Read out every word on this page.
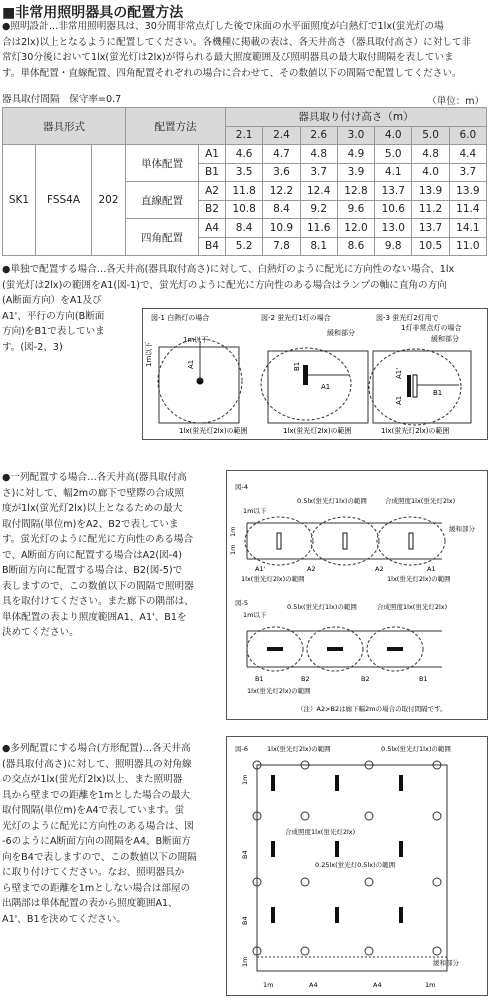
■非常用照明器具の配置方法
●照明設計…非常用照明器具は、30分間非常点灯した後で床面の水平面照度が白熱灯で1lx(蛍光灯の場
合は2lx)以上となるように配置してください。各機種に掲載の表は、各天井高さ（器具取付高さ）に対して非
常灯30分後において1lx(蛍光灯は2lx)が得られる最大照度範囲及び照明器具の最大取付間隔を表していま
す。単体配置・直線配置、四角配置それぞれの場合に合わせて、その数値以下の間隔で配置してください。
器具取付間隔　保守率=0.7	（単位：m）
器具形式			配置方法		器具取り付け高さ（m）						
					2.1	2.4	2.6	3.0	4.0	5.0	6.0
SK1	FSS4A	202	単体配置	A1	4.6	4.7	4.8	4.9	5.0	4.8	4.4
				B1	3.5	3.6	3.7	3.9	4.1	4.0	3.7
			直線配置	A2	11.8	12.2	12.4	12.8	13.7	13.9	13.9
				B2	10.8	8.4	9.2	9.6	10.6	11.2	11.4
			四角配置	A4	8.4	10.9	11.6	12.0	13.0	13.7	14.1
				B4	5.2	7.8	8.1	8.6	9.8	10.5	11.0
●単独で配置する場合…各天井高(器具取付高さ)に対して、白熱灯のように配光に方向性のない場合、1lx
(蛍光灯は2lx)の範囲をA1(図-1)で、蛍光灯のように配光に方向性のある場合はランプの軸に直角の方向
(A断面方向）をA1及び
A1'、平行の方向(B断面
方向)をB1で表していま
す。(図-2、3)
図-1 白熱灯の場合
1m以下
1m以下	A1
1lx(蛍光灯2lx)の範囲
図-2 蛍光灯1灯の場合
緩和部分
A1
B1
1lx(蛍光灯2lx)の範囲
図-3 蛍光灯2灯用で
1灯非常点灯の場合
緩和部分
B1
A1
A1'
1lx(蛍光灯2lx)の範囲
●一列配置する場合…各天井高(器具取付高
さ)に対して、幅2mの廊下で壁際の合成照
度が1lx(蛍光灯2lx)以上となるための最大
取付間隔(単位m)をA2、B2で表していま
す。蛍光灯のように配光に方向性のある場合
で、A断面方向に配置する場合はA2(図-4)
B断面方向に配置する場合は、B2(図-5)で
表しますので、この数値以下の間隔で照明器
具を取付けてください。また廊下の隅部は、
単体配置の表より照度範囲A1、A1'、B1を
決めてください。
図-4
0.5lx(蛍光灯1lx)の範囲	合成照度1lx(蛍光灯2lx)
1m以下
緩和部分
1m
1m
A1'	A2	A2	A1
1lx(蛍光灯2lx)の範囲	1lx(蛍光灯2lx)の範囲
図-5
1m以下
0.5lx(蛍光灯1lx)の範囲	合成照度1lx(蛍光灯2lx)
B1	B2	B2	B1
1lx(蛍光灯2lx)の範囲
（注）A2>B2は廊下幅2mの場合の取付間隔です。
●多列配置にする場合(方形配置)…各天井高
(器具取付高さ)に対して、照明器具の対角線
の交点が1lx(蛍光灯2lx)以上、また照明器
具から壁までの距離を1mとした場合の最大
取付間隔(単位m)をA4で表しています。蛍
光灯のように配光に方向性のある場合は、図
-6のようにA断面方向の間隔をA4、B断面方
向をB4で表しますので、この数値以下の間隔
に取り付けてください。なお、照明器具か
ら壁までの距離を1mとしない場合は部屋の
出隅部は単体配置の表から照度範囲A1、
A1'、B1を決めてください。
図-6	1lx(蛍光灯2lx)の範囲	0.5lx(蛍光灯1lx)の範囲
合成照度1lx(蛍光灯2lx)
0.25lx(蛍光灯0.5lx)の範囲
B4
B4
1m
1m
1m	1m
A4	A4
緩和部分
